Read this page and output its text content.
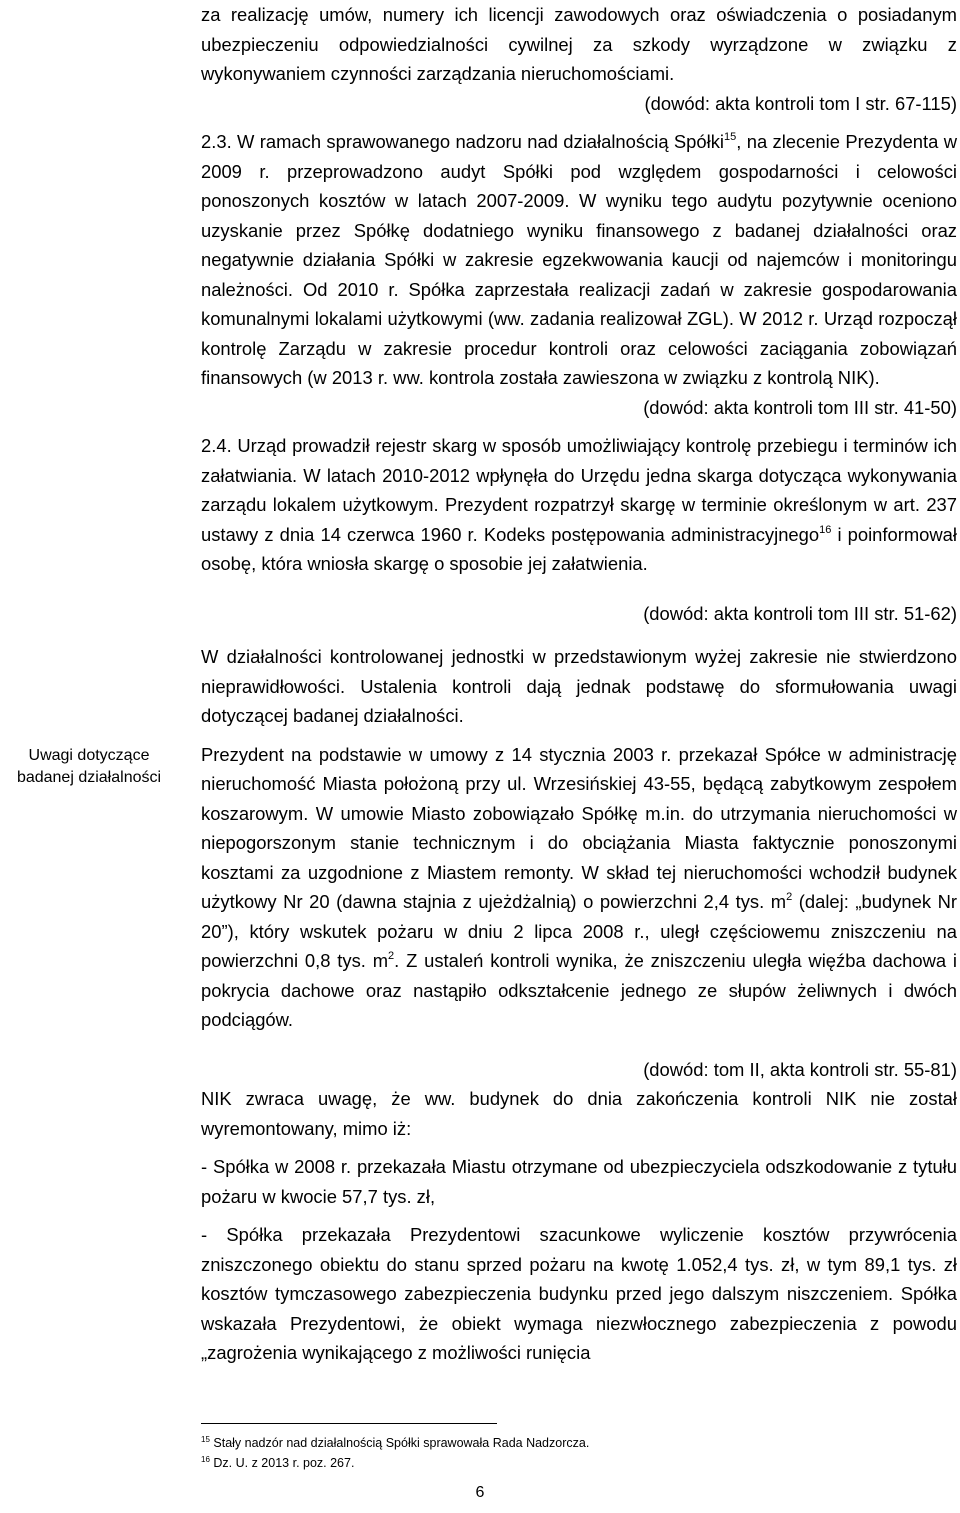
Uwagi dotyczące badanej działalności

za realizację umów, numery ich licencji zawodowych oraz oświadczenia o posiadanym ubezpieczeniu odpowiedzialności cywilnej za szkody wyrządzone w związku z wykonywaniem czynności zarządzania nieruchomościami.

(dowód: akta kontroli tom I str. 67-115)

2.3. W ramach sprawowanego nadzoru nad działalnością Spółki$^{15}$, na zlecenie Prezydenta w 2009 r. przeprowadzono audyt Spółki pod względem gospodarności i celowości ponoszonych kosztów w latach 2007-2009. W wyniku tego audytu pozytywnie oceniono uzyskanie przez Spółkę dodatniego wyniku finansowego z badanej działalności oraz negatywnie działania Spółki w zakresie egzekwowania kaucji od najemców i monitoringu należności. Od 2010 r. Spółka zaprzestała realizacji zadań w zakresie gospodarowania komunalnymi lokalami użytkowymi (ww. zadania realizował ZGL). W 2012 r. Urząd rozpoczął kontrolę Zarządu w zakresie procedur kontroli oraz celowości zaciągania zobowiązań finansowych (w 2013 r. ww. kontrola została zawieszona w związku z kontrolą NIK).

(dowód: akta kontroli tom III str. 41-50)

2.4. Urząd prowadził rejestr skarg w sposób umożliwiający kontrolę przebiegu i terminów ich załatwiania. W latach 2010-2012 wpłynęła do Urzędu jedna skarga dotycząca wykonywania zarządu lokalem użytkowym. Prezydent rozpatrzył skargę w terminie określonym w art. 237 ustawy z dnia 14 czerwca 1960 r. Kodeks postępowania administracyjnego$^{16}$ i poinformował osobę, która wniosła skargę o sposobie jej załatwienia.

(dowód: akta kontroli tom III str. 51-62)

W działalności kontrolowanej jednostki w przedstawionym wyżej zakresie nie stwierdzono nieprawidłowości. Ustalenia kontroli dają jednak podstawę do sformułowania uwagi dotyczącej badanej działalności.

Prezydent na podstawie w umowy z 14 stycznia 2003 r. przekazał Spółce w administrację nieruchomość Miasta położoną przy ul. Wrzesińskiej 43-55, będącą zabytkowym zespołem koszarowym. W umowie Miasto zobowiązało Spółkę m.in. do utrzymania nieruchomości w niepogorszonym stanie technicznym i do obciążania Miasta faktycznie ponoszonymi kosztami za uzgodnione z Miastem remonty. W skład tej nieruchomości wchodził budynek użytkowy Nr 20 (dawna stajnia z ujeżdżalnią) o powierzchni 2,4 tys. $m^2$ (dalej: „budynek Nr 20”), który wskutek pożaru w dniu 2 lipca 2008 r., uległ częściowemu zniszczeniu na powierzchni 0,8 tys. $m^2$. Z ustaleń kontroli wynika, że zniszczeniu uległa więźba dachowa i pokrycia dachowe oraz nastąpiło odkształcenie jednego ze słupów żeliwnych i dwóch podciągów.

(dowód: tom II, akta kontroli str. 55-81)

NIK zwraca uwagę, że ww. budynek do dnia zakończenia kontroli NIK nie został wyremontowany, mimo iż:

- Spółka w 2008 r. przekazała Miastu otrzymane od ubezpieczyciela odszkodowanie z tytułu pożaru w kwocie 57,7 tys. zł,

- Spółka przekazała Prezydentowi szacunkowe wyliczenie kosztów przywrócenia zniszczonego obiektu do stanu sprzed pożaru na kwotę 1.052,4 tys. zł, w tym 89,1 tys. zł kosztów tymczasowego zabezpieczenia budynku przed jego dalszym niszczeniem. Spółka wskazała Prezydentowi, że obiekt wymaga niezwłocznego zabezpieczenia z powodu „zagrożenia wynikającego z możliwości runięcia

$^{15}$ Stały nadzór nad działalnością Spółki sprawowała Rada Nadzorcza.
$^{16}$ Dz. U. z 2013 r. poz. 267.
6
